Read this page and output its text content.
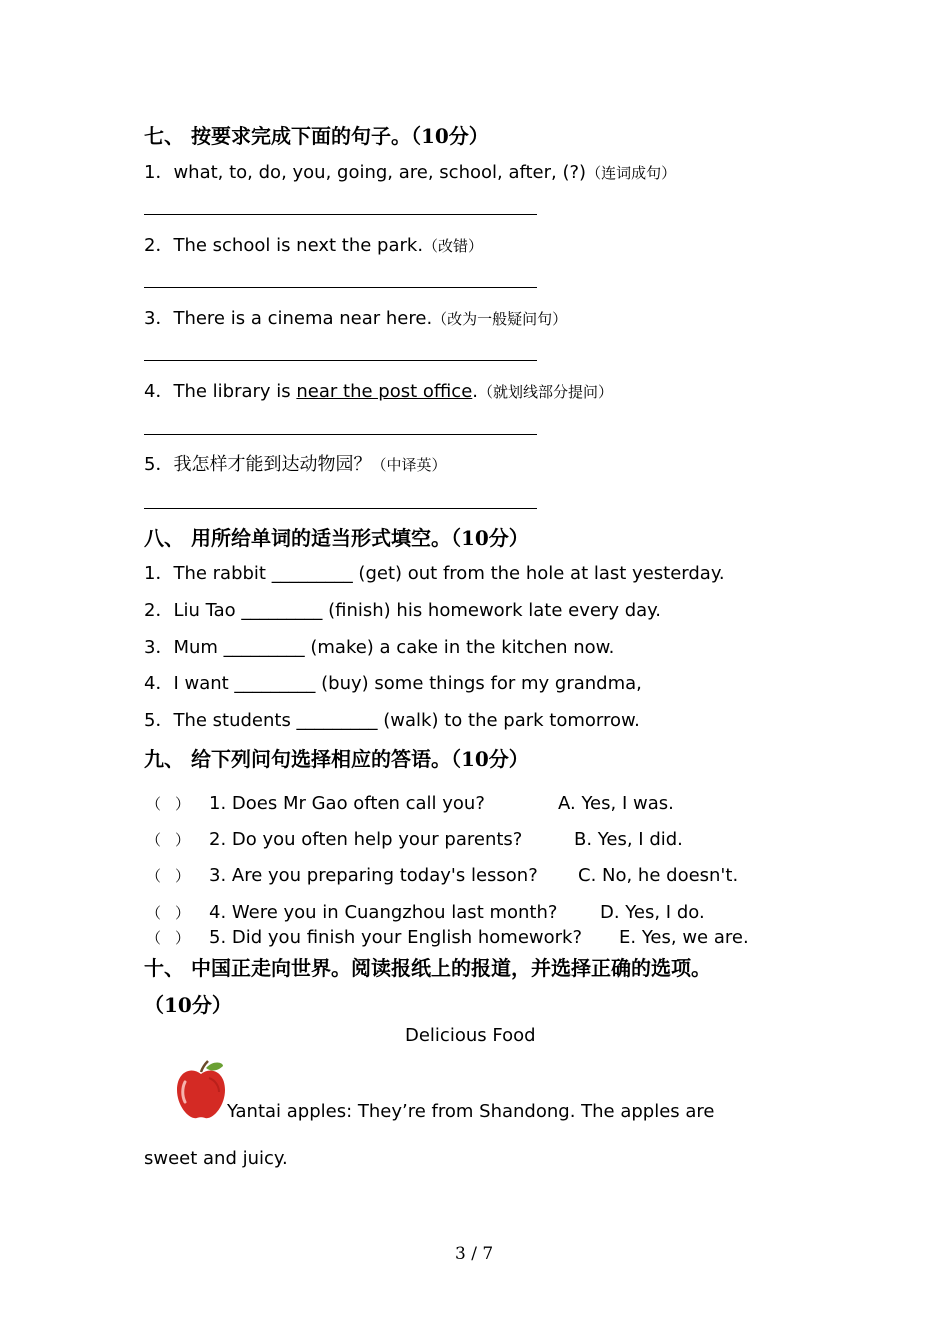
七、 按要求完成下面的句子。（10分）
1．what, to, do, you, going, are, school, after, (?)（连词成句）
2．The school is next the park.（改错）
3．There is a cinema near here.（改为一般疑问句）
4．The library is near the post office.（就划线部分提问）
5．我怎样才能到达动物园？（中译英）
八、 用所给单词的适当形式填空。（10分）
1．The rabbit _________ (get) out from the hole at last yesterday.
2．Liu Tao _________ (finish) his homework late every day.
3．Mum _________ (make) a cake in the kitchen now.
4．I want _________ (buy) some things for my grandma,
5．The students _________ (walk) to the park tomorrow.
九、 给下列问句选择相应的答语。（10分）
（ ） 1. Does Mr Gao often call you?	A. Yes, I was.
（ ） 2. Do you often help your parents?	B. Yes, I did.
（ ） 3. Are you preparing today's lesson? C. No, he doesn't.
（ ） 4. Were you in Cuangzhou last month? D. Yes, I do.
（ ） 5. Did you finish your English homework? E. Yes, we are.
十、 中国正走向世界。阅读报纸上的报道，并选择正确的选项。
（10分）
Delicious Food
Yantai apples: They’re from Shandong. The apples are
sweet and juicy.
3 / 7
